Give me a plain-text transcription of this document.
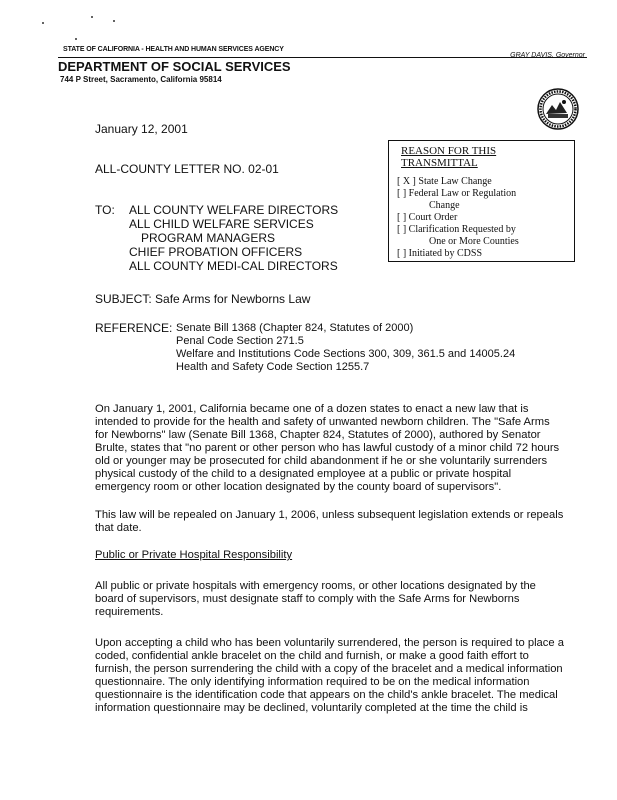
STATE OF CALIFORNIA - HEALTH AND HUMAN SERVICES AGENCY
GRAY DAVIS, Governor
DEPARTMENT OF SOCIAL SERVICES
744 P Street, Sacramento, California 95814
January 12, 2001
ALL-COUNTY LETTER NO. 02-01
TO: ALL COUNTY WELFARE DIRECTORS
ALL CHILD WELFARE SERVICES
PROGRAM MANAGERS
CHIEF PROBATION OFFICERS
ALL COUNTY MEDI-CAL DIRECTORS
REASON FOR THIS TRANSMITTAL
[ X ] State Law Change
[ ] Federal Law or Regulation
Change
[ ] Court Order
[ ] Clarification Requested by
One or More Counties
[ ] Initiated by CDSS
SUBJECT: Safe Arms for Newborns Law
REFERENCE: Senate Bill 1368 (Chapter 824, Statutes of 2000)
Penal Code Section 271.5
Welfare and Institutions Code Sections 300, 309, 361.5 and 14005.24
Health and Safety Code Section 1255.7
On January 1, 2001, California became one of a dozen states to enact a new law that is
intended to provide for the health and safety of unwanted newborn children. The "Safe Arms
for Newborns" law (Senate Bill 1368, Chapter 824, Statutes of 2000), authored by Senator
Brulte, states that "no parent or other person who has lawful custody of a minor child 72 hours
old or younger may be prosecuted for child abandonment if he or she voluntarily surrenders
physical custody of the child to a designated employee at a public or private hospital
emergency room or other location designated by the county board of supervisors".
This law will be repealed on January 1, 2006, unless subsequent legislation extends or repeals
that date.
Public or Private Hospital Responsibility
All public or private hospitals with emergency rooms, or other locations designated by the
board of supervisors, must designate staff to comply with the Safe Arms for Newborns
requirements.
Upon accepting a child who has been voluntarily surrendered, the person is required to place a
coded, confidential ankle bracelet on the child and furnish, or make a good faith effort to
furnish, the person surrendering the child with a copy of the bracelet and a medical information
questionnaire. The only identifying information required to be on the medical information
questionnaire is the identification code that appears on the child's ankle bracelet. The medical
information questionnaire may be declined, voluntarily completed at the time the child is
